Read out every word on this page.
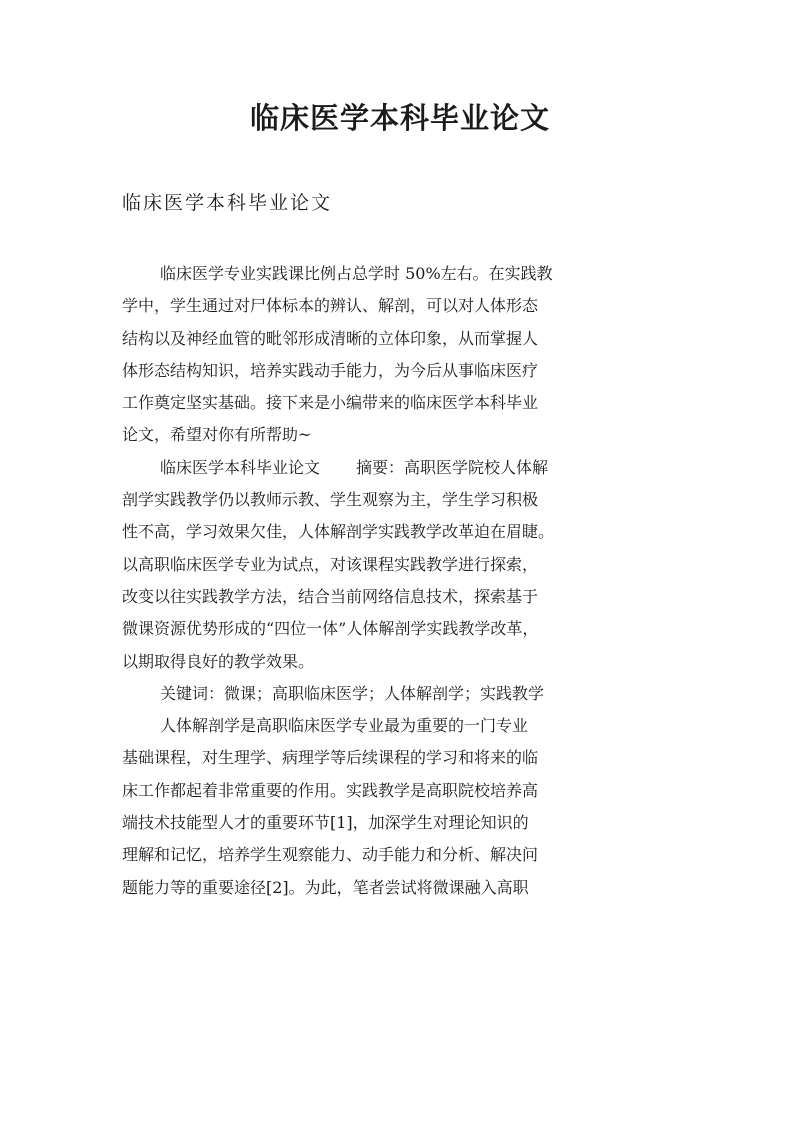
临床医学本科毕业论文

临床医学本科毕业论文

临床医学专业实践课比例占总学时 50%左右。在实践教
学中，学生通过对尸体标本的辨认、解剖，可以对人体形态
结构以及神经血管的毗邻形成清晰的立体印象，从而掌握人
体形态结构知识，培养实践动手能力，为今后从事临床医疗
工作奠定坚实基础。接下来是小编带来的临床医学本科毕业
论文，希望对你有所帮助~
临床医学本科毕业论文 摘要：高职医学院校人体解
剖学实践教学仍以教师示教、学生观察为主，学生学习积极
性不高，学习效果欠佳，人体解剖学实践教学改革迫在眉睫。
以高职临床医学专业为试点，对该课程实践教学进行探索，
改变以往实践教学方法，结合当前网络信息技术，探索基于
微课资源优势形成的“四位一体”人体解剖学实践教学改革，
以期取得良好的教学效果。
关键词：微课；高职临床医学；人体解剖学；实践教学
人体解剖学是高职临床医学专业最为重要的一门专业
基础课程，对生理学、病理学等后续课程的学习和将来的临
床工作都起着非常重要的作用。实践教学是高职院校培养高
端技术技能型人才的重要环节[1]，加深学生对理论知识的
理解和记忆，培养学生观察能力、动手能力和分析、解决问
题能力等的重要途径[2]。为此，笔者尝试将微课融入高职
